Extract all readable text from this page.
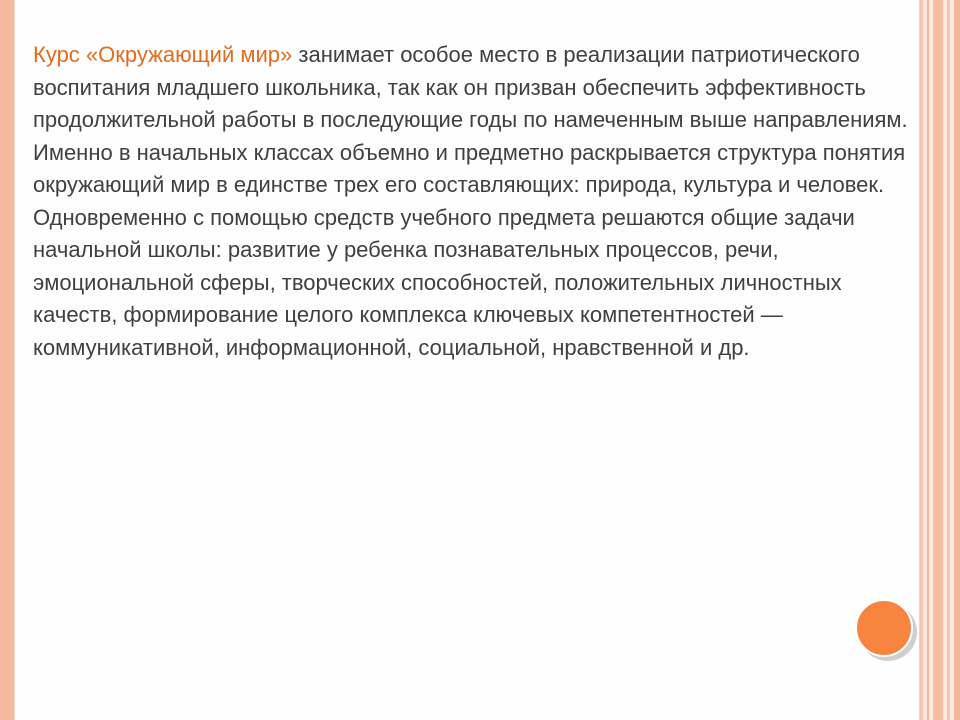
Курс «Окружающий мир» занимает особое место в реализации патриотического воспитания младшего школьника, так как он призван обеспечить эффективность продолжительной работы в последующие годы по намеченным выше направлениям. Именно в начальных классах объемно и предметно раскрывается структура понятия окружающий мир в единстве трех его составляющих: природа, культура и человек.

Одновременно с помощью средств учебного предмета решаются общие задачи начальной школы: развитие у ребенка познавательных процессов, речи, эмоциональной сферы, творческих способностей, положительных личностных качеств, формирование целого комплекса ключевых компетентностей — коммуникативной, информационной, социальной, нравственной и др.
